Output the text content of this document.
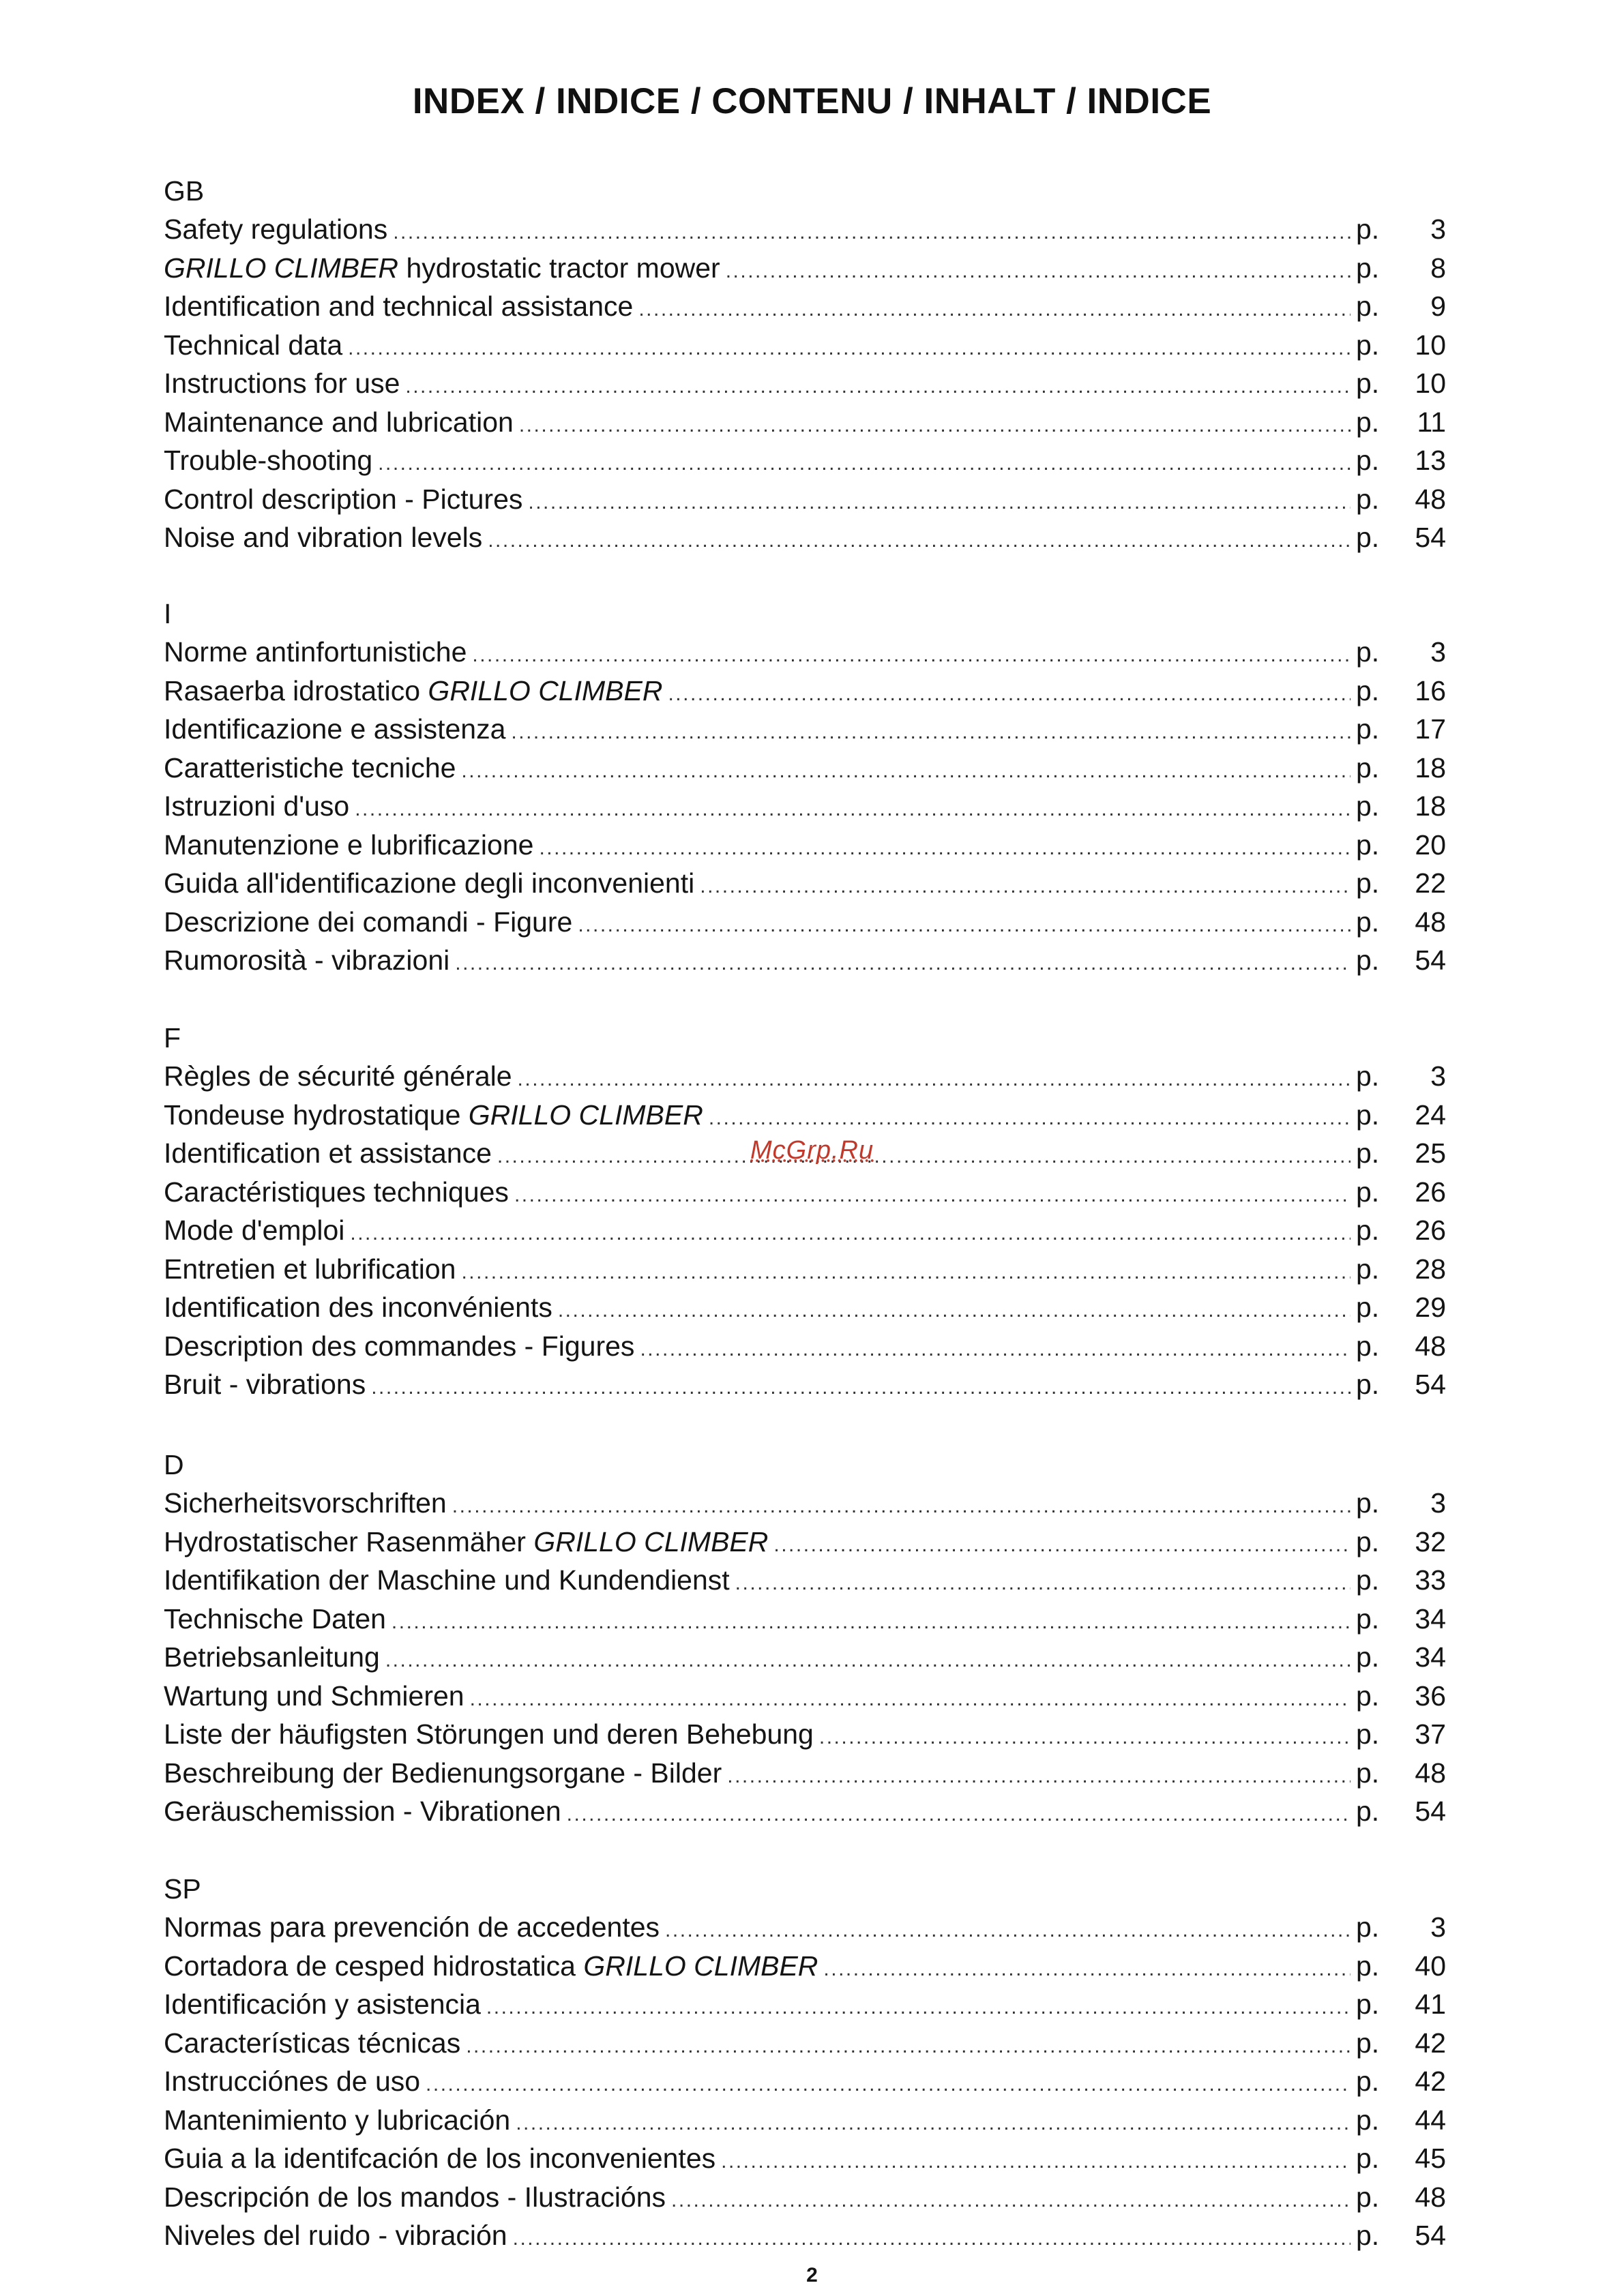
INDEX / INDICE / CONTENU / INHALT / INDICE
GB
Safety regulations .....	p.	3
GRILLO CLIMBER hydrostatic tractor mower .....	p.	8
Identification and technical assistance .....	p.	9
Technical data .....	p.	10
Instructions for use .....	p.	10
Maintenance and lubrication .....	p.	11
Trouble-shooting .....	p.	13
Control description - Pictures .....	p.	48
Noise and vibration levels .....	p.	54
I
Norme antinfortunistiche .....	p.	3
Rasaerba idrostatico GRILLO CLIMBER .....	p.	16
Identificazione e assistenza .....	p.	17
Caratteristiche tecniche .....	p.	18
Istruzioni d'uso .....	p.	18
Manutenzione e lubrificazione .....	p.	20
Guida all'identificazione degli inconvenienti .....	p.	22
Descrizione dei comandi - Figure .....	p.	48
Rumorosità - vibrazioni .....	p.	54
F
Règles de sécurité générale .....	p.	3
Tondeuse hydrostatique GRILLO CLIMBER .....	p.	24
Identification et assistance .....	p.	25
Caractéristiques techniques .....	p.	26
Mode d'emploi .....	p.	26
Entretien et lubrification .....	p.	28
Identification des inconvénients .....	p.	29
Description des commandes - Figures .....	p.	48
Bruit - vibrations .....	p.	54
D
Sicherheitsvorschriften .....	p.	3
Hydrostatischer Rasenmäher GRILLO CLIMBER .....	p.	32
Identifikation der Maschine und Kundendienst .....	p.	33
Technische Daten .....	p.	34
Betriebsanleitung .....	p.	34
Wartung und Schmieren .....	p.	36
Liste der häufigsten Störungen und deren Behebung .....	p.	37
Beschreibung der Bedienungsorgane - Bilder .....	p.	48
Geräuschemission - Vibrationen .....	p.	54
SP
Normas para prevención de accedentes .....	p.	3
Cortadora de cesped hidrostatica GRILLO CLIMBER .....	p.	40
Identificación y asistencia .....	p.	41
Características técnicas .....	p.	42
Instrucciónes de uso .....	p.	42
Mantenimiento y lubricación .....	p.	44
Guia a la identifcación de los inconvenientes .....	p.	45
Descripción de los mandos - Ilustracións .....	p.	48
Niveles del ruido - vibración .....	p.	54
McGrp.Ru
2
